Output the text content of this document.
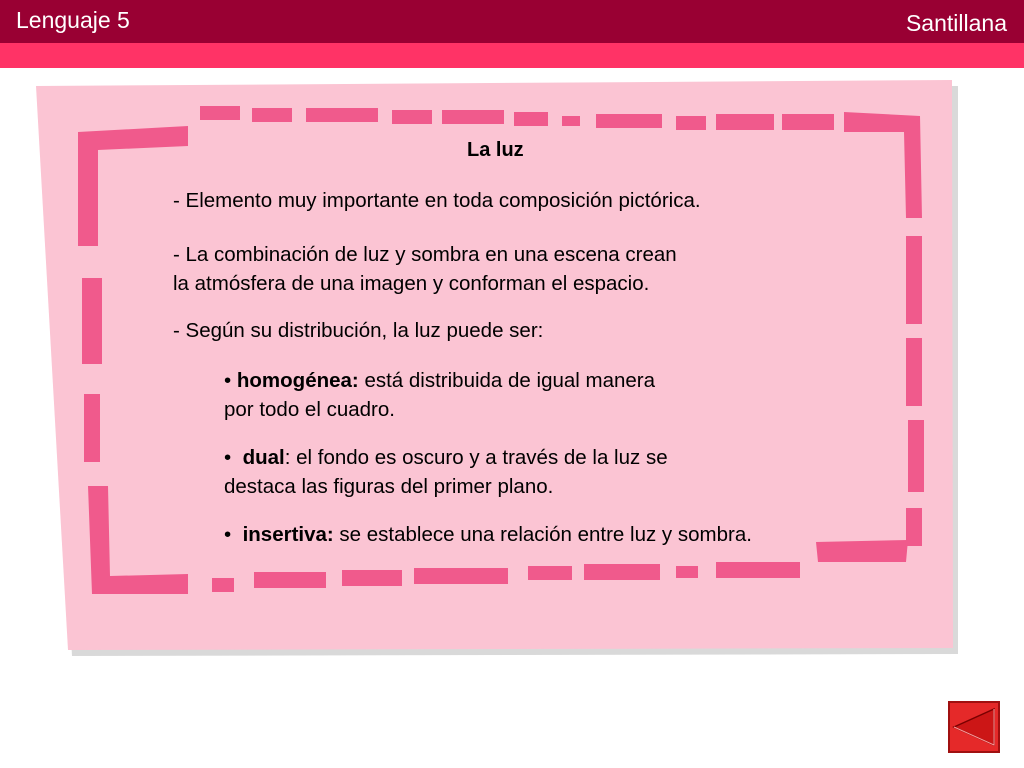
Lenguaje 5	Santillana
La luz
- Elemento muy importante en toda composición pictórica.
- La combinación de luz y sombra en una escena crean
la atmósfera de una imagen y conforman el espacio.
- Según su distribución, la luz puede ser:
• homogénea: está distribuida de igual manera
por todo el cuadro.
•  dual: el fondo es oscuro y a través de la luz se
destaca las figuras del primer plano.
•  insertiva: se establece una relación entre luz y sombra.
